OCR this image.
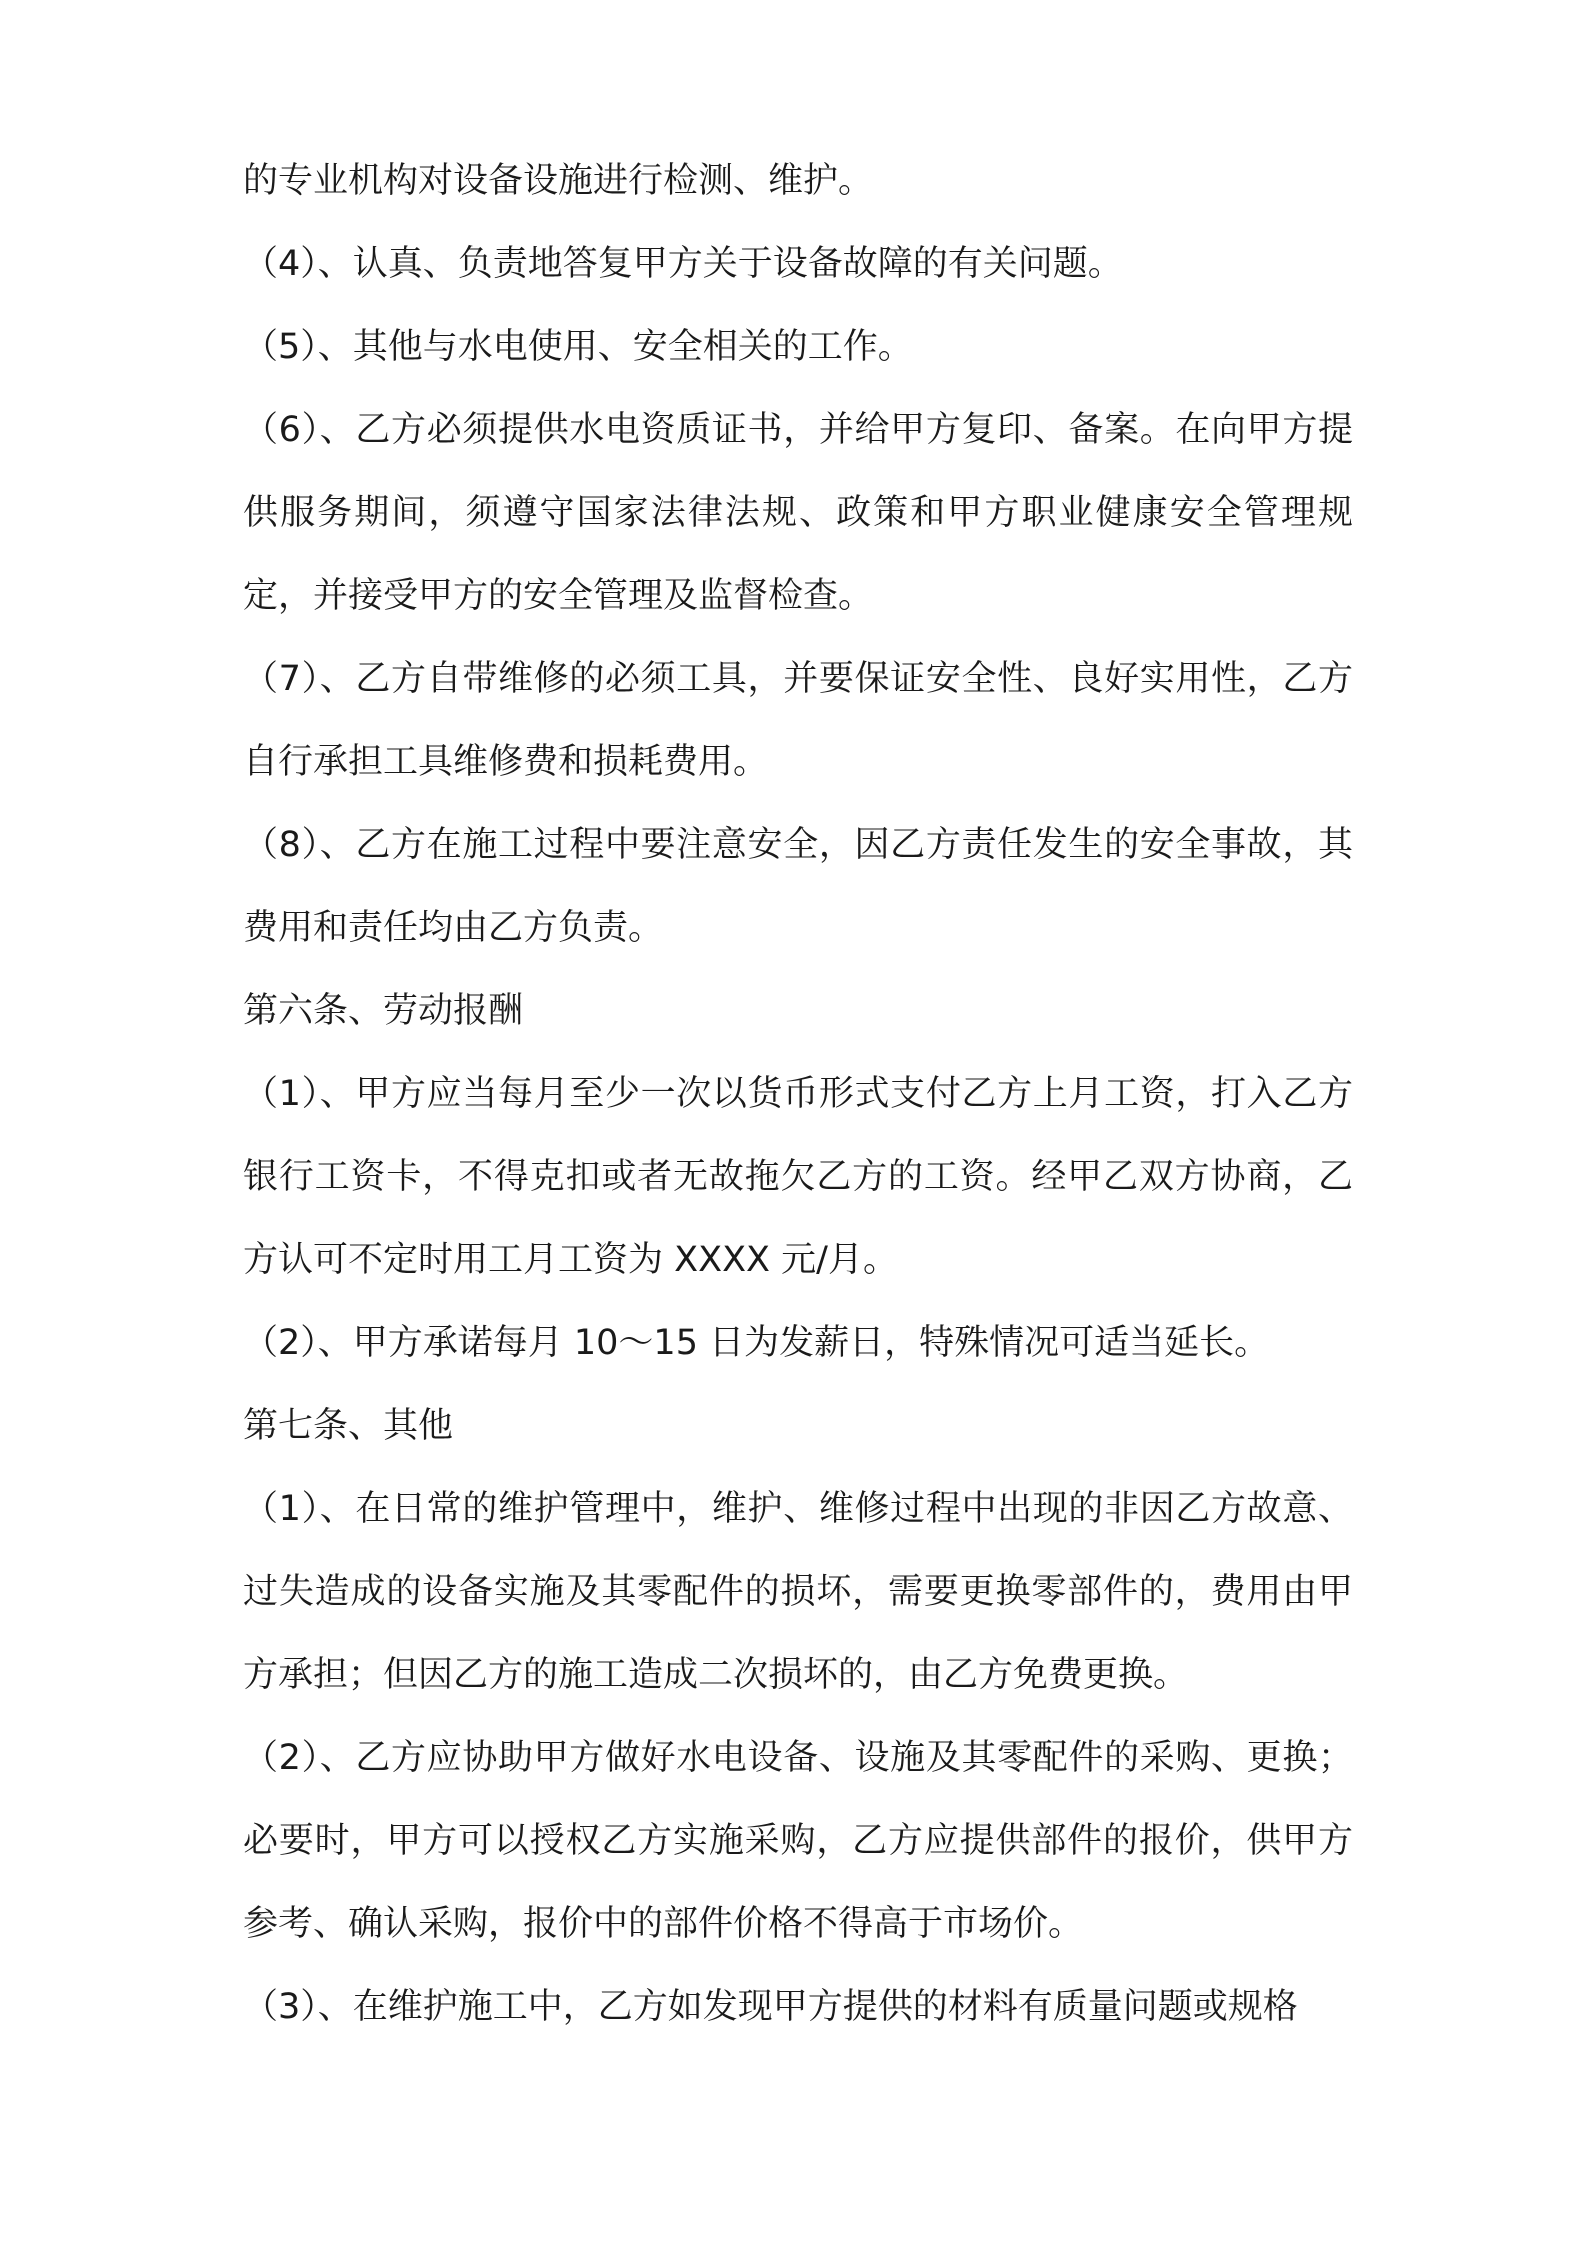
的专业机构对设备设施进行检测、维护。

（4）、认真、负责地答复甲方关于设备故障的有关问题。

（5）、其他与水电使用、安全相关的工作。

（6）、乙方必须提供水电资质证书，并给甲方复印、备案。在向甲方提供服务期间，须遵守国家法律法规、政策和甲方职业健康安全管理规定，并接受甲方的安全管理及监督检查。

（7）、乙方自带维修的必须工具，并要保证安全性、良好实用性，乙方自行承担工具维修费和损耗费用。

（8）、乙方在施工过程中要注意安全，因乙方责任发生的安全事故，其费用和责任均由乙方负责。

第六条、劳动报酬

（1）、甲方应当每月至少一次以货币形式支付乙方上月工资，打入乙方银行工资卡，不得克扣或者无故拖欠乙方的工资。经甲乙双方协商，乙方认可不定时用工月工资为 XXXX 元/月。

（2）、甲方承诺每月 10～15 日为发薪日，特殊情况可适当延长。

第七条、其他

（1）、在日常的维护管理中，维护、维修过程中出现的非因乙方故意、过失造成的设备实施及其零配件的损坏，需要更换零部件的，费用由甲方承担；但因乙方的施工造成二次损坏的，由乙方免费更换。

（2）、乙方应协助甲方做好水电设备、设施及其零配件的采购、更换；必要时，甲方可以授权乙方实施采购，乙方应提供部件的报价，供甲方参考、确认采购，报价中的部件价格不得高于市场价。

（3）、在维护施工中，乙方如发现甲方提供的材料有质量问题或规格
